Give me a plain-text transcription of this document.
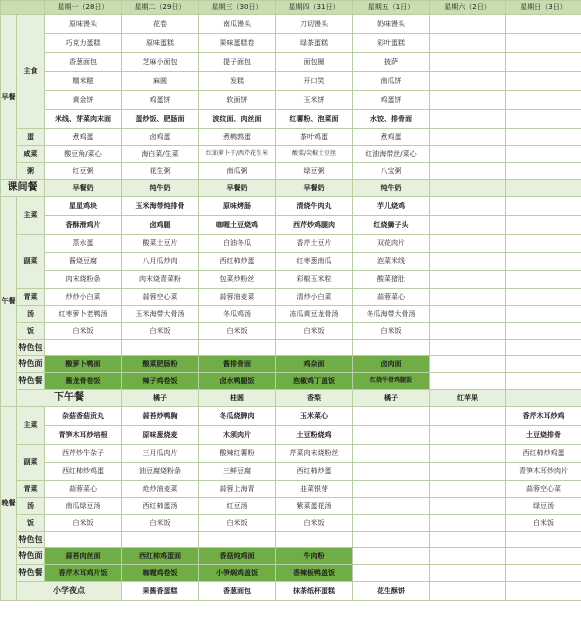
		星期一（28日）	星期二（29日）	星期三（30日）	星期四（31日）	星期五（1日）	星期六（2日）	星期日（3日）	
早餐	主食	原味馒头	花卷	南瓜馒头	刀切馒头	奶味馒头			
		巧克力蛋糕	原味蛋糕	果味蛋糕卷	绿茶蛋糕	彩叶蛋糕			
		香葱面包	芝麻小面包	提子面包	面包圈	披萨			
		糯米糍	麻圆	发糕	开口笑	南瓜饼			
		黄金饼	鸡蛋饼	软面饼	玉米饼	鸡蛋饼			
		米线、芽菜肉末面	蛋炒饭、肥肠面	波纹面、肉丝面	红薯粉、泡菜面	水饺、排骨面			
	蛋	煮鸡蛋	卤鸡蛋	煮鹌鹑蛋	茶叶鸡蛋	煮鸡蛋			
	咸菜	酸豆角/菜心	海白菜/生菜	红油萝卜干/西芹花生米	酸菜/尖椒土豆丝	红油海带丝/菜心			
	粥	红豆粥	花生粥	南瓜粥	绿豆粥	八宝粥			
课间餐		早餐奶	纯牛奶	早餐奶	早餐奶	纯牛奶			
午餐	主菜	星星鸡块	玉米海带炖排骨	原味烤肠	清烧牛肉丸	芋儿烧鸡			
		香酥滑鸡片	卤鸡腿	咖喱土豆烧鸡	西芹炒鸡腿肉	红烧狮子头			
	副菜	蒸水蛋	酸菜土豆片	白油冬瓜	香芹土豆片	双花肉片			
		酱烧豆腐	八月瓜炒肉	西红柿炒蛋	红枣葱南瓜	泡菜米线			
		肉末烧粉条	肉末烧青菜粉	包菜炒粉丝	彩椒玉米粒	酸菜猪肚			
	青菜	炒炒小白菜	蒜蓉空心菜	蒜蓉油麦菜	清炒小白菜	蒜蓉菜心			
	汤	红枣萝卜老鸭汤	玉米海带大骨汤	冬瓜鸡汤	冻瓜黄豆龙骨汤	冬瓜海带大骨汤			
	饭	白米饭	白米饭	白米饭	白米饭	白米饭			
	特色包								
	特色面	酸萝卜鸭面	酸菜肥肠粉	酱排骨面	鸡杂面	卤肉面			
	特色餐	酱龙骨卷饭	辣子鸡卷饭	卤水鸭腿饭	泡椒鸡丁盖饭	红烧牛骨鸡腿饭			
	下午餐		橘子	桂圆	香梨	橘子	红苹果		
晚餐	主菜	杂菇香菇贡丸	蒜苔炒鸭胸	冬瓜烧脾肉	玉米菜心			香芹木耳炒鸡	
		青笋木耳炒培根	原味葱烧麦	木须肉片	土豆粉烧鸡			土豆烧排骨	
	副菜	西芹炒牛杂子	三月瓜肉片	酸辣红薯粉	芹菜肉末烧粉丝			西红柿炒鸡蛋	
		西红柿炒鸡蛋	油豆腐烧粉条	三鲜豆腐	西红柿炒蛋			青笋木耳炒肉片	
	青菜	蒜蓉菜心	炝炒油麦菜	蒜蓉上海青	韭菜银芽			蒜蓉空心菜	
	汤	南瓜绿豆汤	西红柿蛋汤	红豆汤	紫菜蛋花汤			绿豆汤	
	饭	白米饭	白米饭	白米饭	白米饭			白米饭	
	特色包								
	特色面	蒜苔肉丝面	西红柿鸡蛋面	香菇炖鸡面	牛肉粉				
	特色餐	香芹木耳鸡片饭	咖喱鸡卷饭	小笋焖鸡盖饭	香辣板鸭盖饭				
	小学夜点		果酱香蛋糕	香葱面包	抹茶纸杯蛋糕	花生酥饼			
